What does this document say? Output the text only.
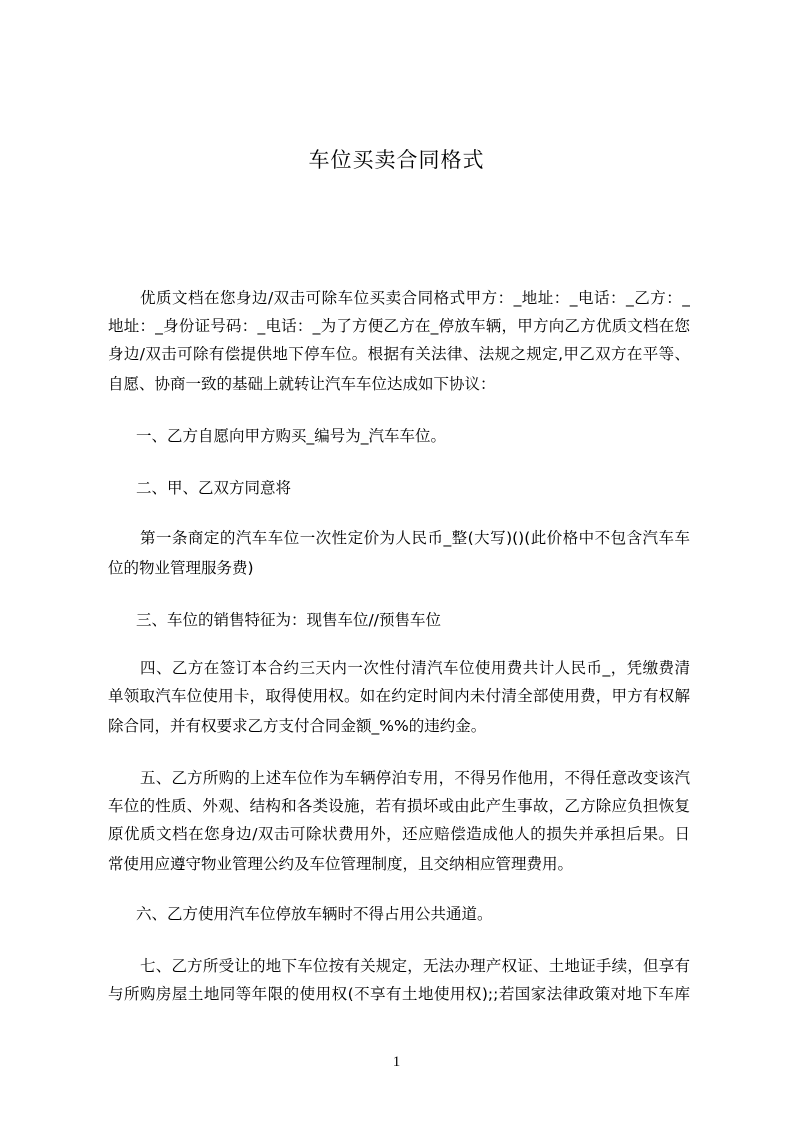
车位买卖合同格式
优质文档在您身边/双击可除车位买卖合同格式甲方：_地址：_电话：_乙方：_
地址：_身份证号码：_电话：_为了方便乙方在_停放车辆，甲方向乙方优质文档在您
身边/双击可除有偿提供地下停车位。根据有关法律、法规之规定,甲乙双方在平等、
自愿、协商一致的基础上就转让汽车车位达成如下协议：
一、乙方自愿向甲方购买_编号为_汽车车位。
二、甲、乙双方同意将
第一条商定的汽车车位一次性定价为人民币_整(大写)()(此价格中不包含汽车车
位的物业管理服务费)
三、车位的销售特征为：现售车位//预售车位
四、乙方在签订本合约三天内一次性付清汽车位使用费共计人民币_，凭缴费清
单领取汽车位使用卡，取得使用权。如在约定时间内未付清全部使用费，甲方有权解
除合同，并有权要求乙方支付合同金额_%%的违约金。
五、乙方所购的上述车位作为车辆停泊专用，不得另作他用，不得任意改变该汽
车位的性质、外观、结构和各类设施，若有损坏或由此产生事故，乙方除应负担恢复
原优质文档在您身边/双击可除状费用外，还应赔偿造成他人的损失并承担后果。日
常使用应遵守物业管理公约及车位管理制度，且交纳相应管理费用。
六、乙方使用汽车位停放车辆时不得占用公共通道。
七、乙方所受让的地下车位按有关规定，无法办理产权证、土地证手续，但享有
与所购房屋土地同等年限的使用权(不享有土地使用权);;若国家法律政策对地下车库
1
